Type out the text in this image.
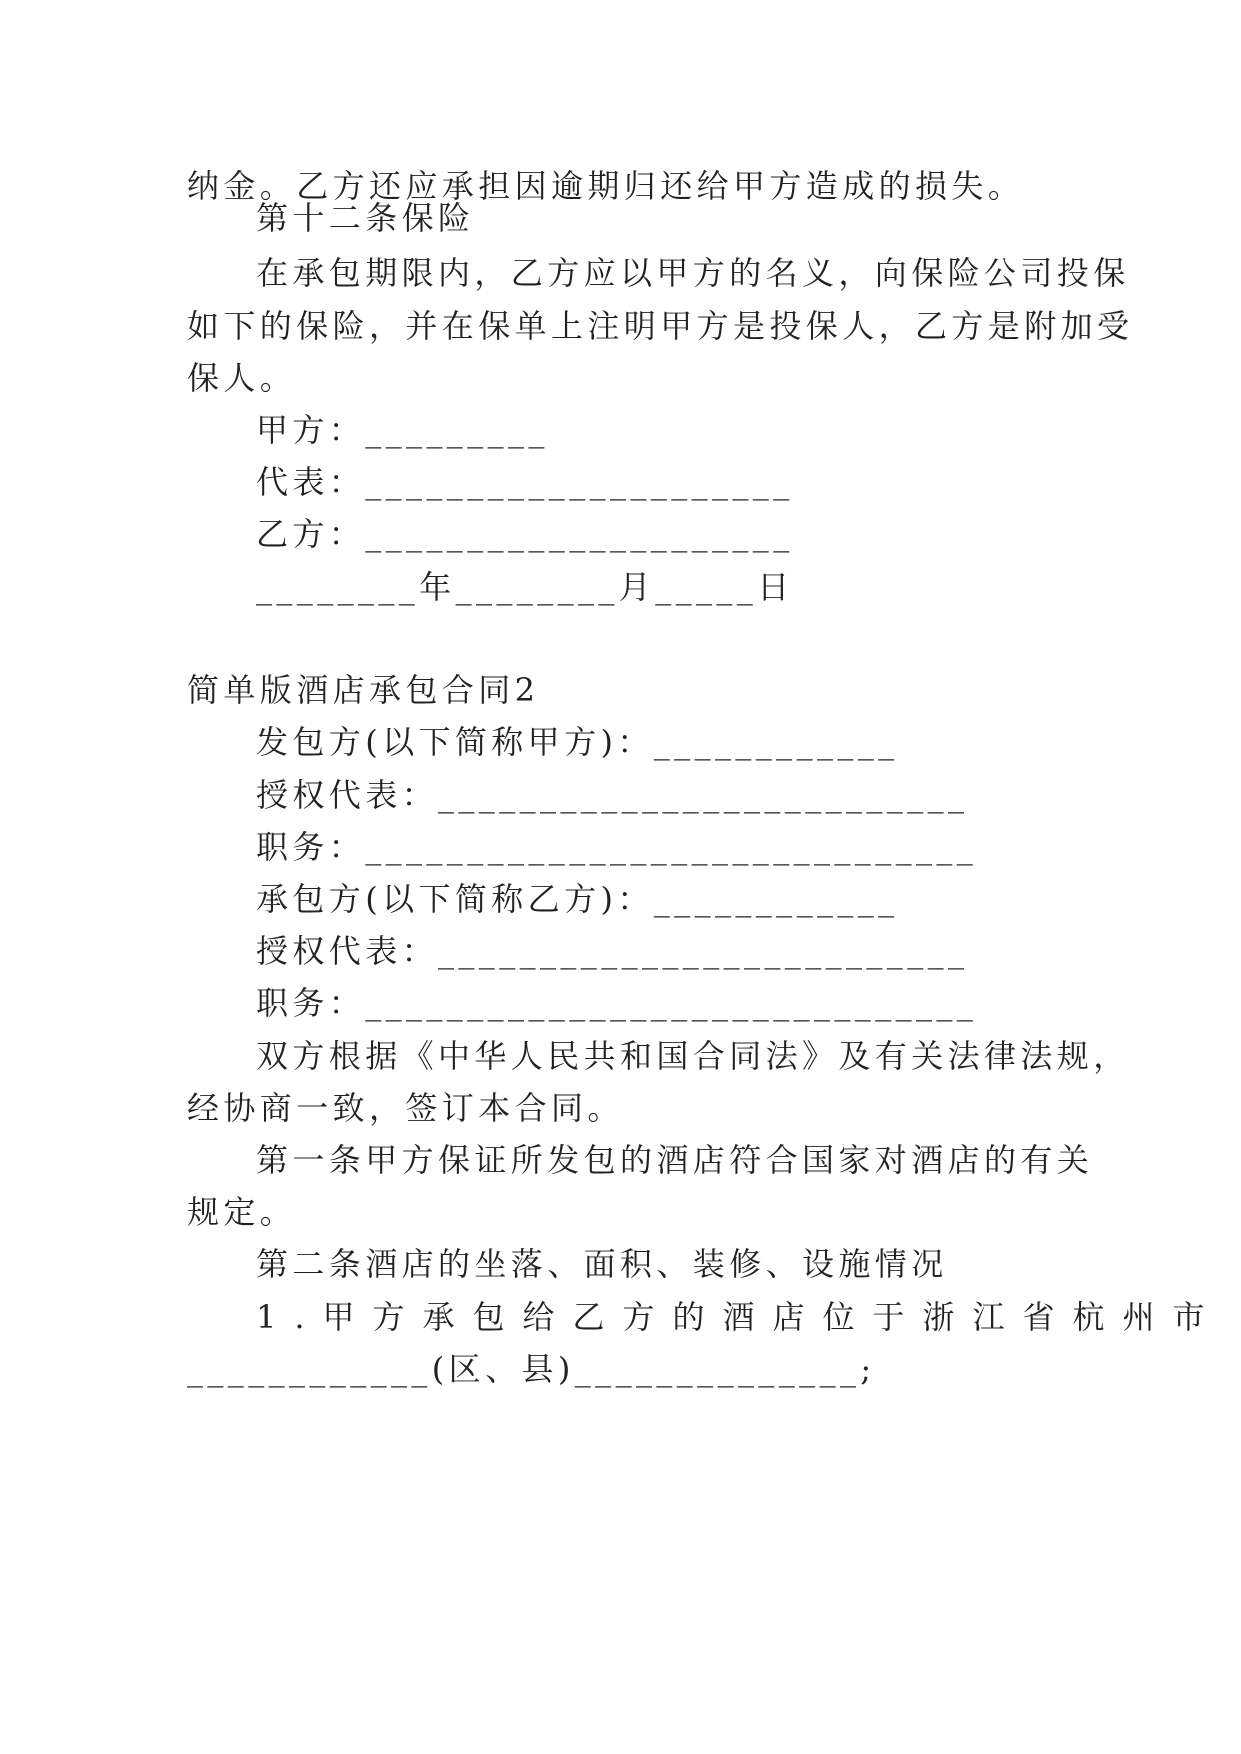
纳金。乙方还应承担因逾期归还给甲方造成的损失。
第十二条保险
在承包期限内，乙方应以甲方的名义，向保险公司投保
如下的保险，并在保单上注明甲方是投保人，乙方是附加受
保人。
甲方：_________
代表：_____________________
乙方：_____________________
________年________月_____日
简单版酒店承包合同2
发包方(以下简称甲方)：____________
授权代表：__________________________
职务：______________________________
承包方(以下简称乙方)：____________
授权代表：__________________________
职务：______________________________
双方根据《中华人民共和国合同法》及有关法律法规，
经协商一致，签订本合同。
第一条甲方保证所发包的酒店符合国家对酒店的有关
规定。
第二条酒店的坐落、面积、装修、设施情况
1.甲方承包给乙方的酒店位于浙江省杭州市
____________(区、县)______________;
